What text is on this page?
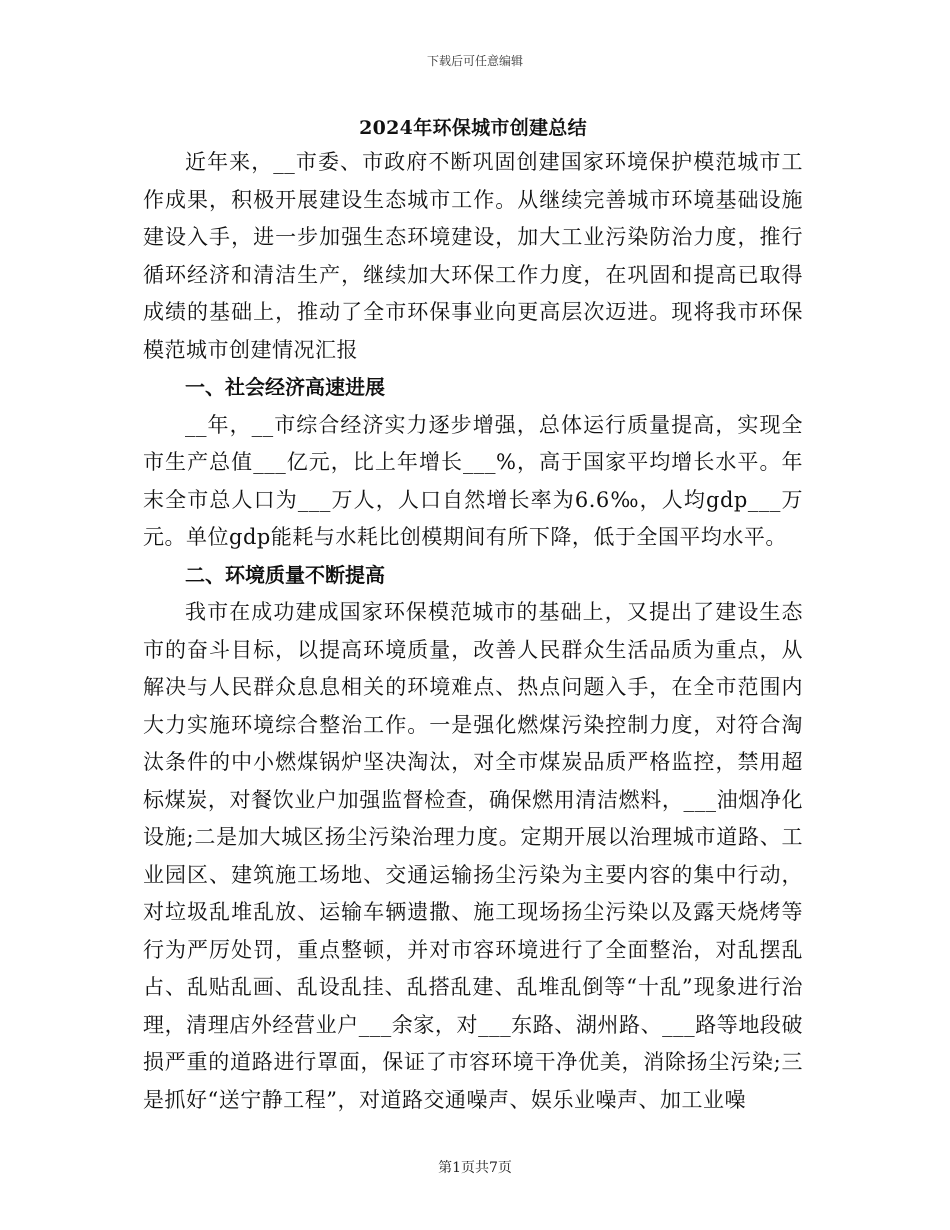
下载后可任意编辑
2024年环保城市创建总结

近年来，__市委、市政府不断巩固创建国家环境保护模范城市工作成果，积极开展建设生态城市工作。从继续完善城市环境基础设施建设入手，进一步加强生态环境建设，加大工业污染防治力度，推行循环经济和清洁生产，继续加大环保工作力度，在巩固和提高已取得成绩的基础上，推动了全市环保事业向更高层次迈进。现将我市环保模范城市创建情况汇报

一、社会经济高速进展

__年，__市综合经济实力逐步增强，总体运行质量提高，实现全市生产总值___亿元，比上年增长___%，高于国家平均增长水平。年末全市总人口为___万人，人口自然增长率为6.6‰，人均gdp___万元。单位gdp能耗与水耗比创模期间有所下降，低于全国平均水平。

二、环境质量不断提高

我市在成功建成国家环保模范城市的基础上，又提出了建设生态市的奋斗目标，以提高环境质量，改善人民群众生活品质为重点，从解决与人民群众息息相关的环境难点、热点问题入手，在全市范围内大力实施环境综合整治工作。一是强化燃煤污染控制力度，对符合淘汰条件的中小燃煤锅炉坚决淘汰，对全市煤炭品质严格监控，禁用超标煤炭，对餐饮业户加强监督检查，确保燃用清洁燃料，___油烟净化设施;二是加大城区扬尘污染治理力度。定期开展以治理城市道路、工业园区、建筑施工场地、交通运输扬尘污染为主要内容的集中行动，对垃圾乱堆乱放、运输车辆遗撒、施工现场扬尘污染以及露天烧烤等行为严厉处罚，重点整顿，并对市容环境进行了全面整治，对乱摆乱占、乱贴乱画、乱设乱挂、乱搭乱建、乱堆乱倒等“十乱”现象进行治理，清理店外经营业户___余家，对___东路、湖州路、___路等地段破损严重的道路进行罩面，保证了市容环境干净优美，消除扬尘污染;三是抓好“送宁静工程”，对道路交通噪声、娱乐业噪声、加工业噪

第1页共7页
